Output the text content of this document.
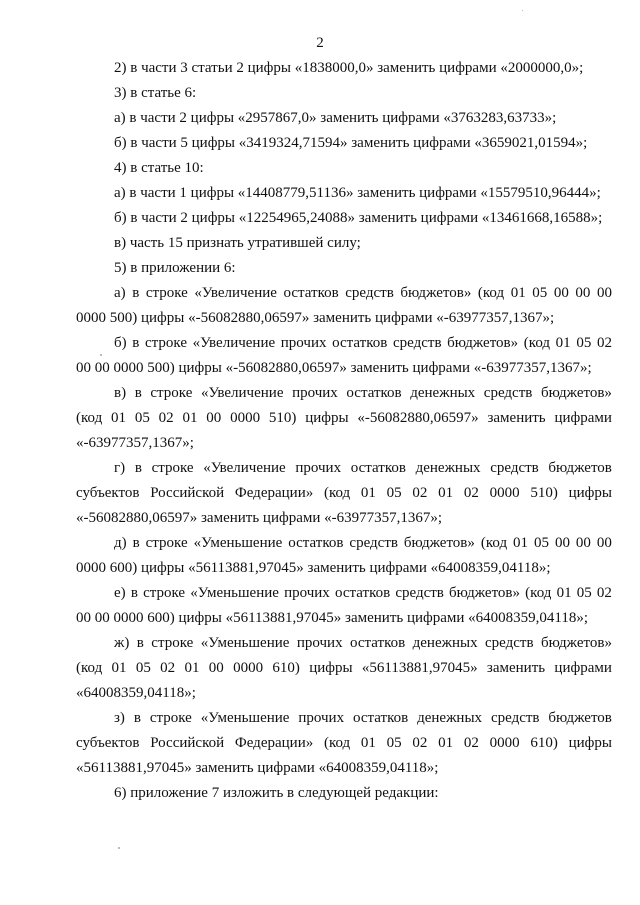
2
2) в части 3 статьи 2 цифры «1838000,0» заменить цифрами «2000000,0»;
3) в статье 6:
а) в части 2 цифры «2957867,0» заменить цифрами «3763283,63733»;
б) в части 5 цифры «3419324,71594» заменить цифрами «3659021,01594»;
4) в статье 10:
а) в части 1 цифры «14408779,51136» заменить цифрами «15579510,96444»;
б) в части 2 цифры «12254965,24088» заменить цифрами «13461668,16588»;
в) часть 15 признать утратившей силу;
5) в приложении 6:
а) в строке «Увеличение остатков средств бюджетов» (код 01 05 00 00 00
0000 500) цифры «-56082880,06597» заменить цифрами «-63977357,1367»;
б) в строке «Увеличение прочих остатков средств бюджетов» (код 01 05 02
00 00 0000 500) цифры «-56082880,06597» заменить цифрами «-63977357,1367»;
в) в строке «Увеличение прочих остатков денежных средств бюджетов»
(код 01 05 02 01 00 0000 510) цифры «-56082880,06597» заменить цифрами
«-63977357,1367»;
г) в строке «Увеличение прочих остатков денежных средств бюджетов
субъектов Российской Федерации» (код 01 05 02 01 02 0000 510) цифры
«-56082880,06597» заменить цифрами «-63977357,1367»;
д) в строке «Уменьшение остатков средств бюджетов» (код 01 05 00 00 00
0000 600) цифры «56113881,97045» заменить цифрами «64008359,04118»;
е) в строке «Уменьшение прочих остатков средств бюджетов» (код 01 05 02
00 00 0000 600) цифры «56113881,97045» заменить цифрами «64008359,04118»;
ж) в строке «Уменьшение прочих остатков денежных средств бюджетов»
(код 01 05 02 01 00 0000 610) цифры «56113881,97045» заменить цифрами
«64008359,04118»;
з) в строке «Уменьшение прочих остатков денежных средств бюджетов
субъектов Российской Федерации» (код 01 05 02 01 02 0000 610) цифры
«56113881,97045» заменить цифрами «64008359,04118»;
6) приложение 7 изложить в следующей редакции:
